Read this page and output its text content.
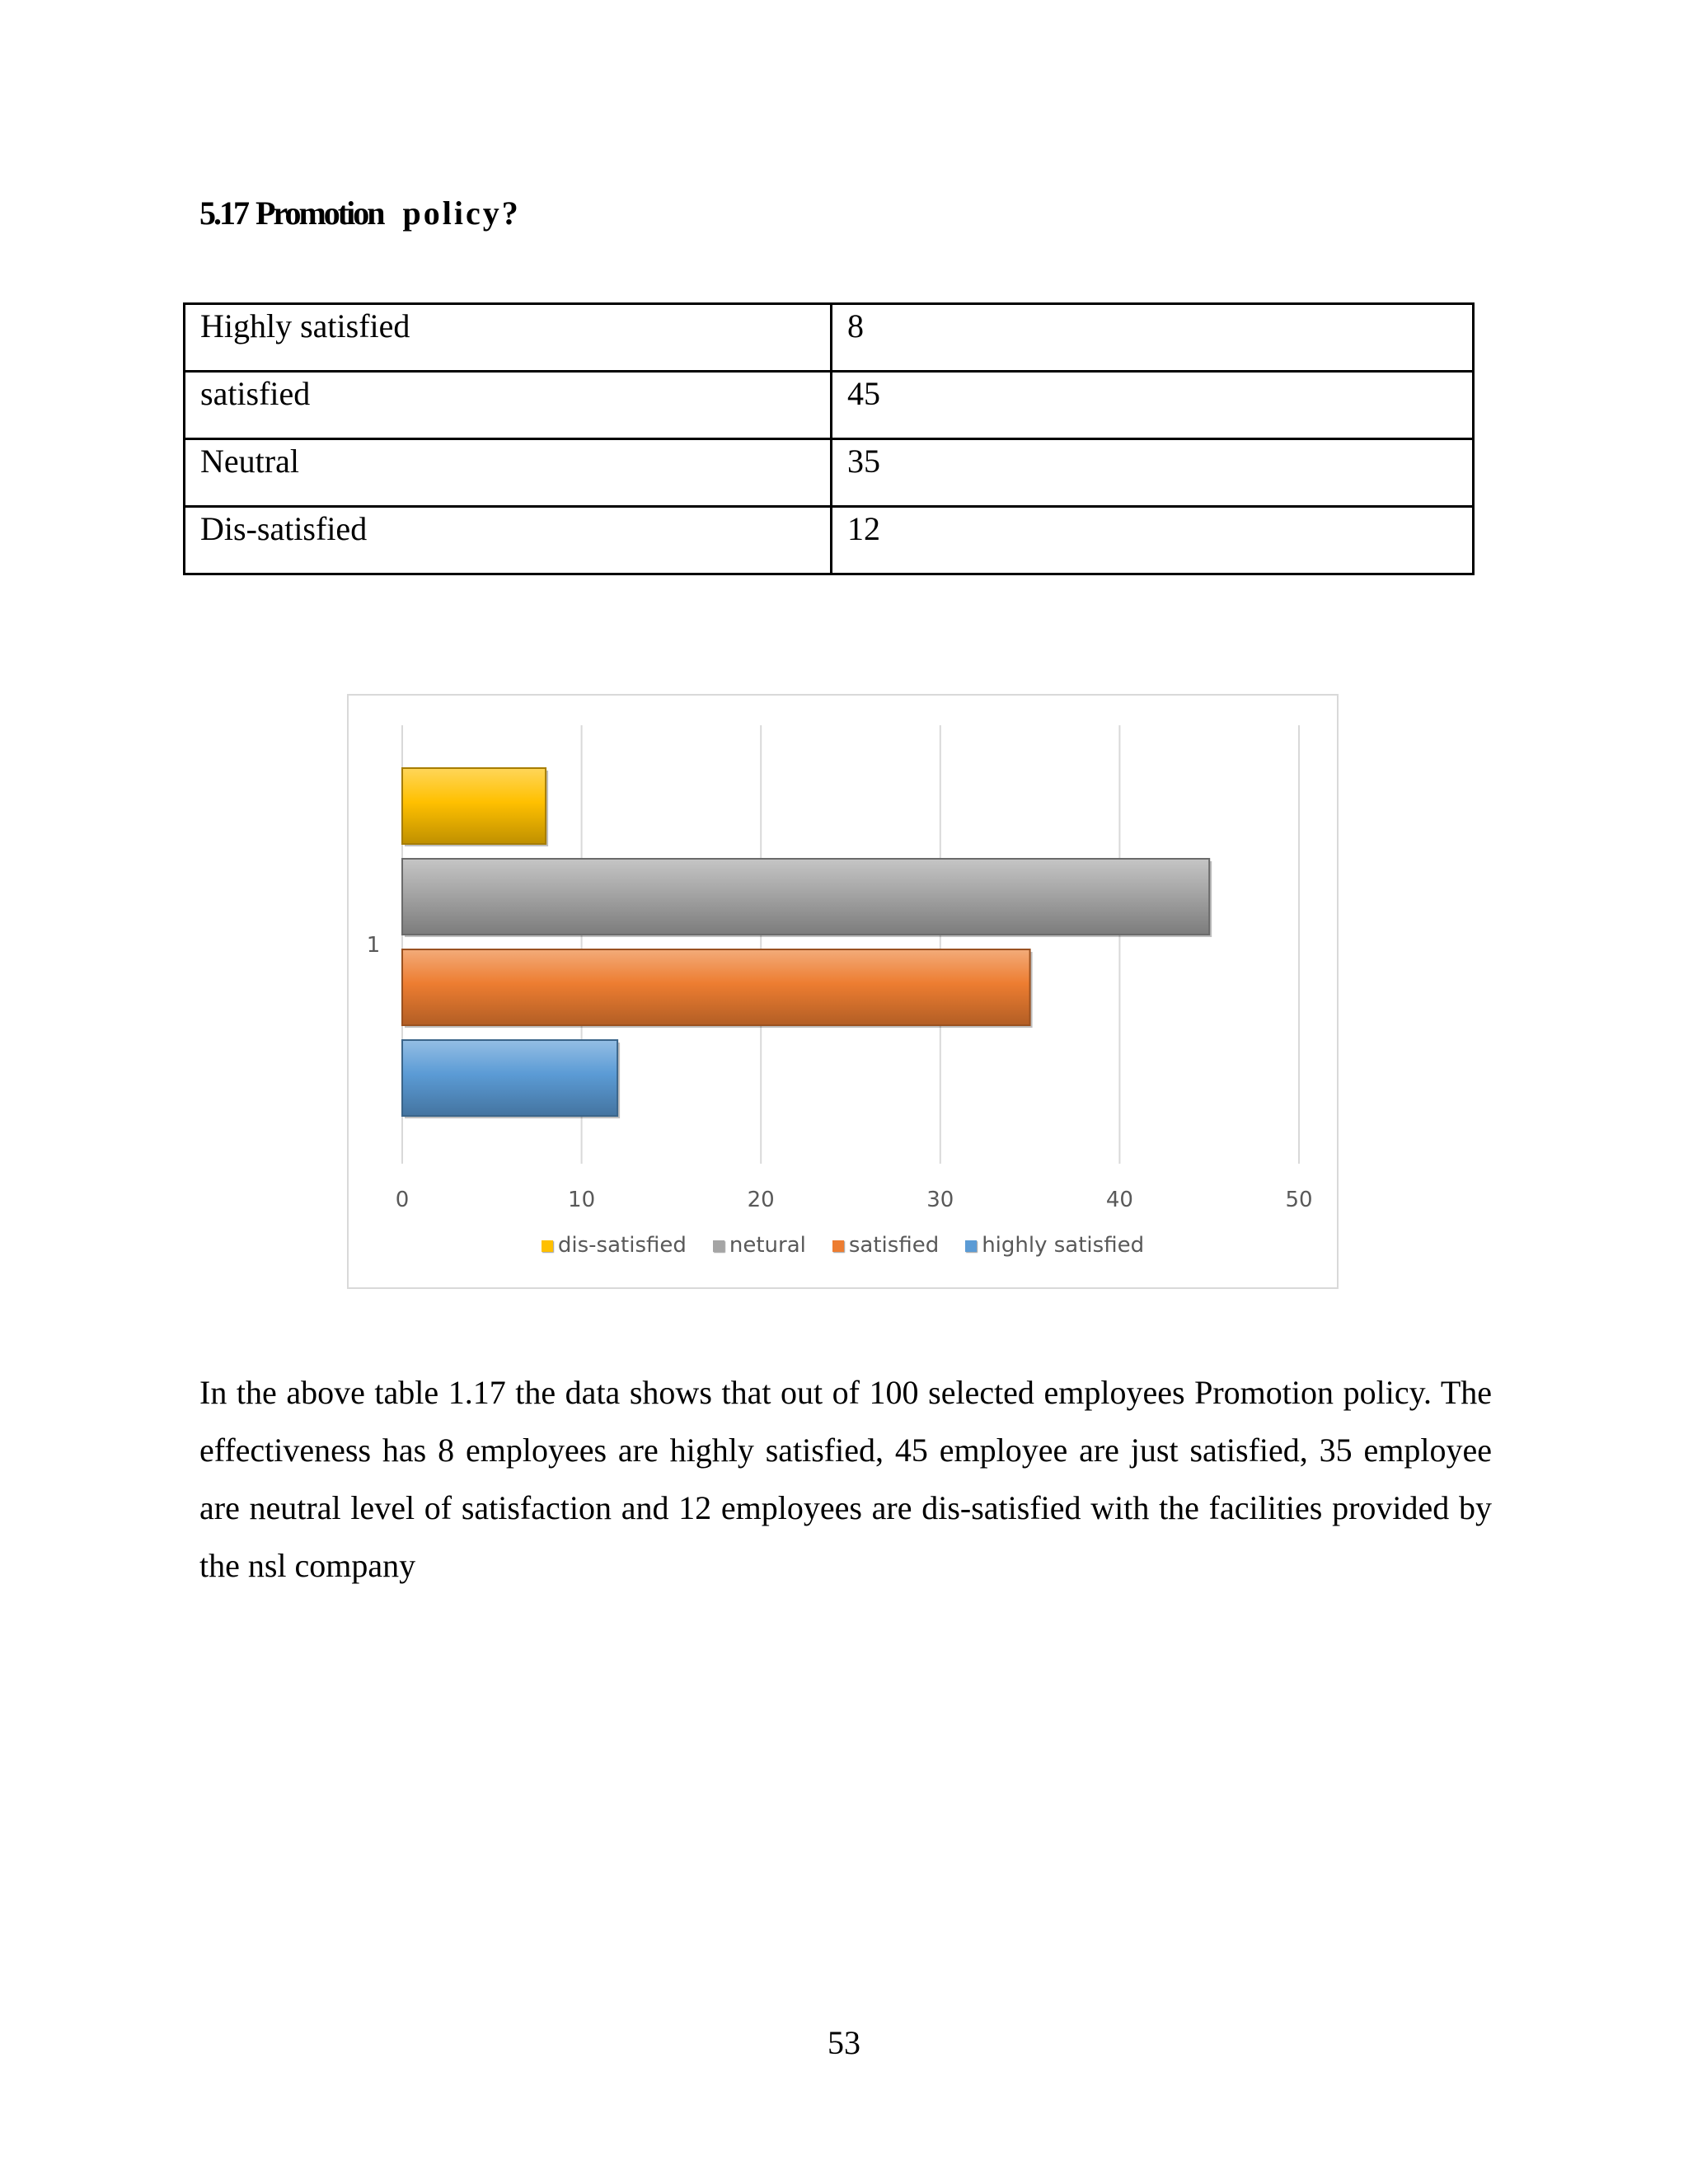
5.17 Promotion policy?
Highly satisfied	8
satisfied	45
Neutral	35
Dis-satisfied	12
0	10	20	30	40	50
1
dis-satisfied netural satisfied highly satisfied
In the above table 1.17 the data shows that out of 100 selected employees Promotion policy. The effectiveness has 8 employees are highly satisfied, 45 employee are just satisfied, 35 employee are neutral level of satisfaction and 12 employees are dis-satisfied with the facilities provided by the nsl company
53
